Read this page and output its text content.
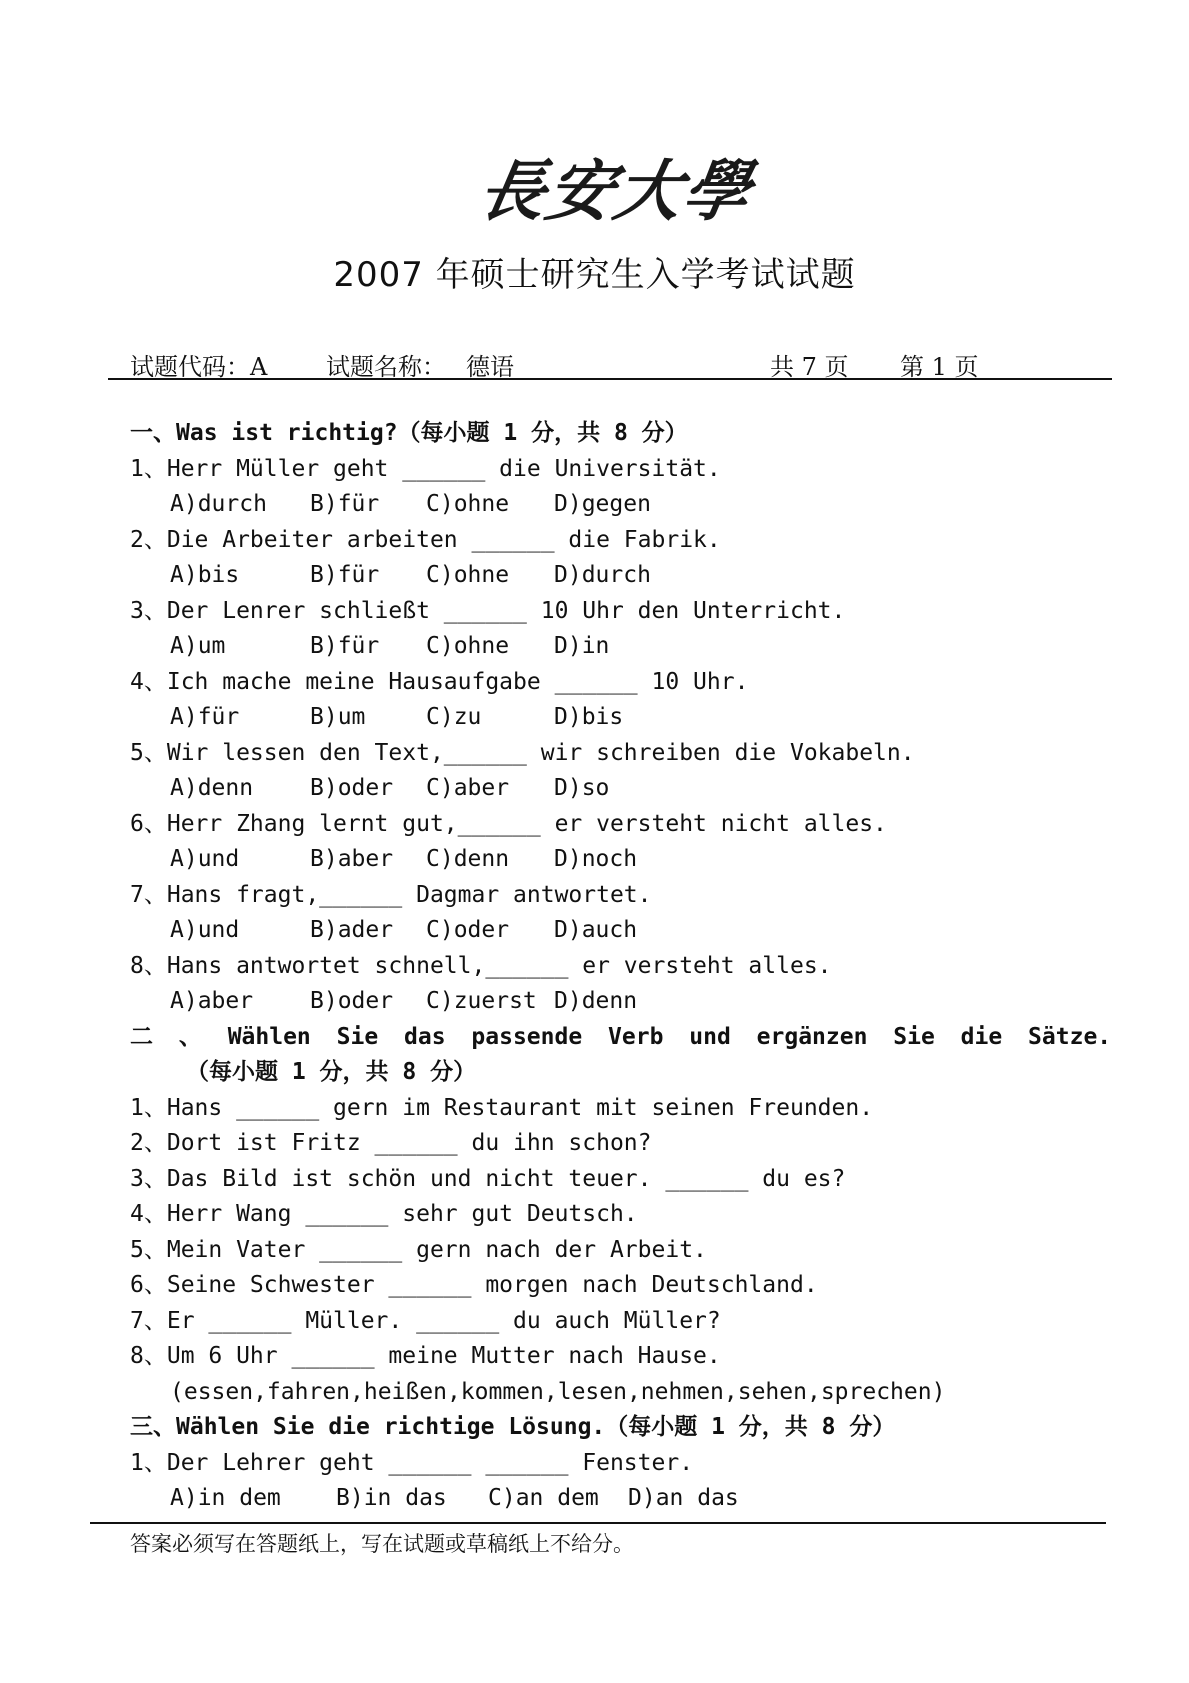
長安大學
2007 年硕士研究生入学考试试题
试题代码：A 试题名称： 德语	共 7 页 第 1 页
一、Was ist richtig?（每小题 1 分，共 8 分）
1、Herr Müller geht ______ die Universität.
A)durch B)für C)ohne D)gegen
2、Die Arbeiter arbeiten ______ die Fabrik.
A)bis	B)für C)ohne D)durch
3、Der Lenrer schließt ______ 10 Uhr den Unterricht.
A)um	B)für C)ohne D)in
4、Ich mache meine Hausaufgabe ______ 10 Uhr.
A)für	B)um	C)zu	D)bis
5、Wir lessen den Text,______ wir schreiben die Vokabeln.
A)denn B)oder C)aber D)so
6、Herr Zhang lernt gut,______ er versteht nicht alles.
A)und	B)aber C)denn D)noch
7、Hans fragt,______ Dagmar antwortet.
A)und	B)ader C)oder D)auch
8、Hans antwortet schnell,______ er versteht alles.
A)aber B)oder C)zuerst D)denn
二 、 Wählen Sie das passende Verb und ergänzen Sie die Sätze.
（每小题 1 分，共 8 分）
1、Hans ______ gern im Restaurant mit seinen Freunden.
2、Dort ist Fritz ______ du ihn schon?
3、Das Bild ist schön und nicht teuer. ______ du es?
4、Herr Wang ______ sehr gut Deutsch.
5、Mein Vater ______ gern nach der Arbeit.
6、Seine Schwester ______ morgen nach Deutschland.
7、Er ______ Müller. ______ du auch Müller?
8、Um 6 Uhr ______ meine Mutter nach Hause.
(essen,fahren,heißen,kommen,lesen,nehmen,sehen,sprechen)
三、Wählen Sie die richtige Lösung.（每小题 1 分，共 8 分）
1、Der Lehrer geht ______ ______ Fenster.
A)in dem B)in das C)an dem D)an das
答案必须写在答题纸上，写在试题或草稿纸上不给分。
